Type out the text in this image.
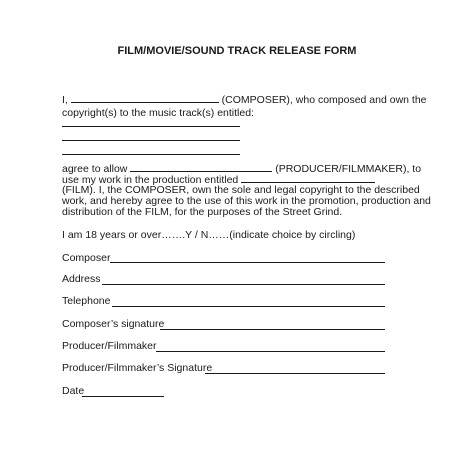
FILM/MOVIE/SOUND TRACK RELEASE FORM
I,	(COMPOSER), who composed and own the
copyright(s) to the music track(s) entitled:
agree to allow	(PRODUCER/FILMMAKER), to
use my work in the production entitled
(FILM). I, the COMPOSER, own the sole and legal copyright to the described
work, and hereby agree to the use of this work in the promotion, production and
distribution of the FILM, for the purposes of the Street Grind.
I am 18 years or over…….Y / N……(indicate choice by circling)
Composer
Address
Telephone
Composer’s signature
Producer/Filmmaker
Producer/Filmmaker’s Signature
Date
